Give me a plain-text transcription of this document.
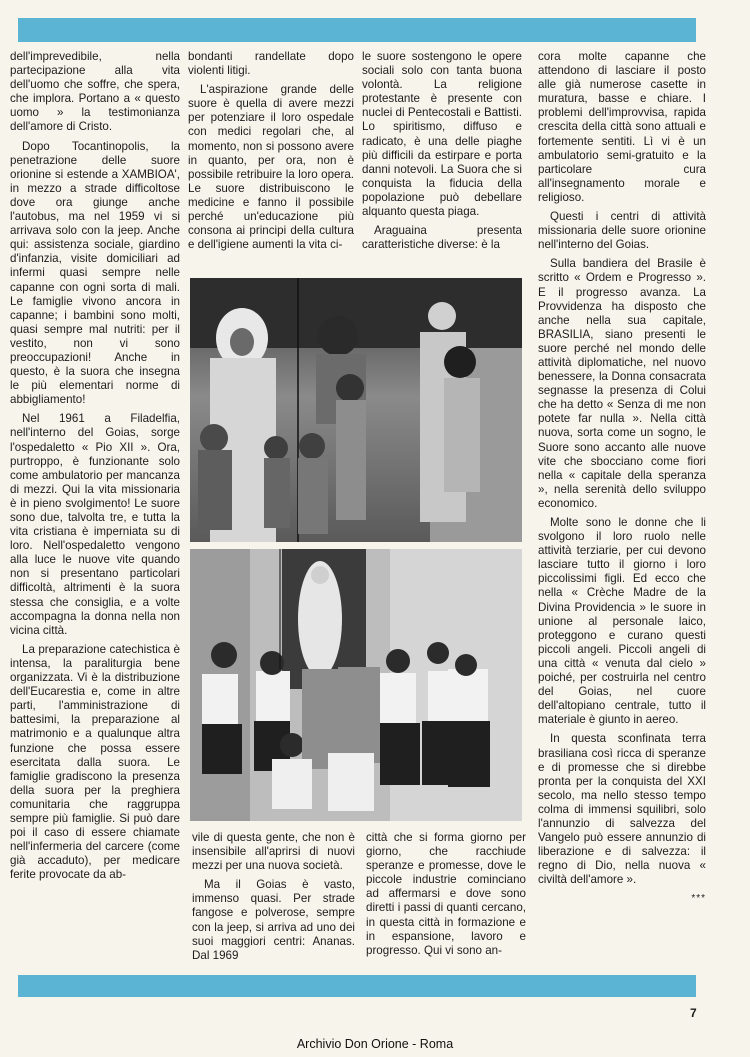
dell'imprevedibile, nella partecipazione alla vita dell'uomo che soffre, che spera, che implora. Portano a « questo uomo » la testimonianza dell'amore di Cristo.

Dopo Tocantinopolis, la penetrazione delle suore orionine si estende a XAMBIOA', in mezzo a strade difficoltose dove ora giunge anche l'autobus, ma nel 1959 vi si arrivava solo con la jeep. Anche qui: assistenza sociale, giardino d'infanzia, visite domiciliari ad infermi quasi sempre nelle capanne con ogni sorta di mali. Le famiglie vivono ancora in capanne; i bambini sono molti, quasi sempre mal nutriti: per il vestito, non vi sono preoccupazioni! Anche in questo, è la suora che insegna le più elementari norme di abbigliamento!

Nel 1961 a Filadelfia, nell'interno del Goias, sorge l'ospedaletto « Pio XII ». Ora, purtroppo, è funzionante solo come ambulatorio per mancanza di mezzi. Qui la vita missionaria è in pieno svolgimento! Le suore sono due, talvolta tre, e tutta la vita cristiana è imperniata su di loro. Nell'ospedaletto vengono alla luce le nuove vite quando non si presentano particolari difficoltà, altrimenti è la suora stessa che consiglia, e a volte accompagna la donna nella non vicina città.

La preparazione catechistica è intensa, la paraliturgia bene organizzata. Vi è la distribuzione dell'Eucarestia e, come in altre parti, l'amministrazione di battesimi, la preparazione al matrimonio e a qualunque altra funzione che possa essere esercitata dalla suora. Le famiglie gradiscono la presenza della suora per la preghiera comunitaria che raggruppa sempre più famiglie. Si può dare poi il caso di essere chiamate nell'infermeria del carcere (come già accaduto), per medicare ferite provocate da ab-

bondanti randellate dopo violenti litigi.

L'aspirazione grande delle suore è quella di avere mezzi per potenziare il loro ospedale con medici regolari che, al momento, non si possono avere in quanto, per ora, non è possibile retribuire la loro opera. Le suore distribuiscono le medicine e fanno il possibile perché un'educazione più consona ai principi della cultura e dell'igiene aumenti la vita ci-

le suore sostengono le opere sociali solo con tanta buona volontà. La religione protestante è presente con nuclei di Pentecostali e Battisti. Lo spiritismo, diffuso e radicato, è una delle piaghe più difficili da estirpare e porta danni notevoli. La Suora che si conquista la fiducia della popolazione può debellare alquanto questa piaga.

Araguaina presenta caratteristiche diverse: è la

cora molte capanne che attendono di lasciare il posto alle già numerose casette in muratura, basse e chiare. I problemi dell'improvvisa, rapida crescita della città sono attuali e fortemente sentiti. Lì vi è un ambulatorio semi-gratuito e la particolare cura all'insegnamento morale e religioso.

Questi i centri di attività missionaria delle suore orionine nell'interno del Goias.

Sulla bandiera del Brasile è scritto « Ordem e Progresso ». E il progresso avanza. La Provvidenza ha disposto che anche nella sua capitale, BRASILIA, siano presenti le suore perché nel mondo delle attività diplomatiche, nel nuovo benessere, la Donna consacrata segnasse la presenza di Colui che ha detto « Senza di me non potete far nulla ». Nella città nuova, sorta come un sogno, le Suore sono accanto alle nuove vite che sbocciano come fiori nella « capitale della speranza », nella serenità dello sviluppo economico.

Molte sono le donne che li svolgono il loro ruolo nelle attività terziarie, per cui devono lasciare tutto il giorno i loro piccolissimi figli. Ed ecco che nella « Crèche Madre de la Divina Providencia » le suore in unione al personale laico, proteggono e curano questi piccoli angeli. Piccoli angeli di una città « venuta dal cielo » poiché, per costruirla nel centro del Goias, nel cuore dell'altopiano centrale, tutto il materiale è giunto in aereo.

In questa sconfinata terra brasiliana così ricca di speranze e di promesse che si direbbe pronta per la conquista del XXI secolo, ma nello stesso tempo colma di immensi squilibri, solo l'annunzio di salvezza del Vangelo può essere annunzio di liberazione e di salvezza: il regno di Dio, nella nuova « civiltà dell'amore ».

***

vile di questa gente, che non è insensibile all'aprirsi di nuovi mezzi per una nuova società.

Ma il Goias è vasto, immenso quasi. Per strade fangose e polverose, sempre con la jeep, si arriva ad uno dei suoi maggiori centri: Ananas. Dal 1969

città che si forma giorno per giorno, che racchiude speranze e promesse, dove le piccole industrie cominciano ad affermarsi e dove sono diretti i passi di quanti cercano, in questa città in formazione e in espansione, lavoro e progresso. Qui vi sono an-

7
Archivio Don Orione - Roma
